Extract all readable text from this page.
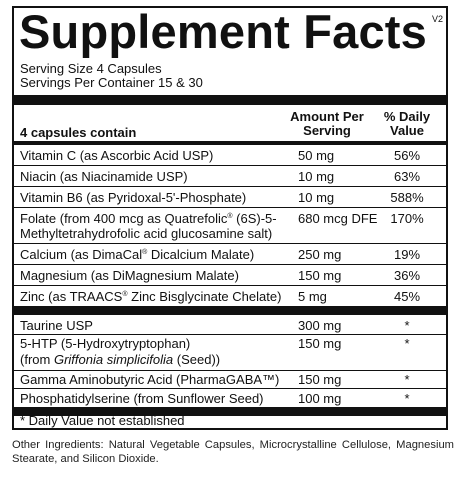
Supplement Facts V2
Serving Size 4 Capsules
Servings Per Container 15 & 30
Amount Per
Serving
% Daily
Value
4 capsules contain
Vitamin C (as Ascorbic Acid USP)	50 mg	56%
Niacin (as Niacinamide USP)	10 mg	63%
Vitamin B6 (as Pyridoxal-5'-Phosphate)	10 mg	588%
Folate (from 400 mcg as Quatrefolic® (6S)-5-
Methyltetrahydrofolic acid glucosamine salt)
680 mcg DFE 170%
Calcium (as DimaCal® Dicalcium Malate)	250 mg	19%
Magnesium (as DiMagnesium Malate)	150 mg	36%
Zinc (as TRAACS® Zinc Bisglycinate Chelate) 5 mg	45%
Taurine USP	300 mg	*
5-HTP (5-Hydroxytryptophan)
(from Griffonia simplicifolia (Seed))
150 mg	*
Gamma Aminobutyric Acid (PharmaGABA™) 150 mg	*
Phosphatidylserine (from Sunflower Seed)	100 mg	*
* Daily Value not established
Other Ingredients: Natural Vegetable Capsules, Microcrystalline Cellulose, Magnesium Stearate, and Silicon Dioxide.
